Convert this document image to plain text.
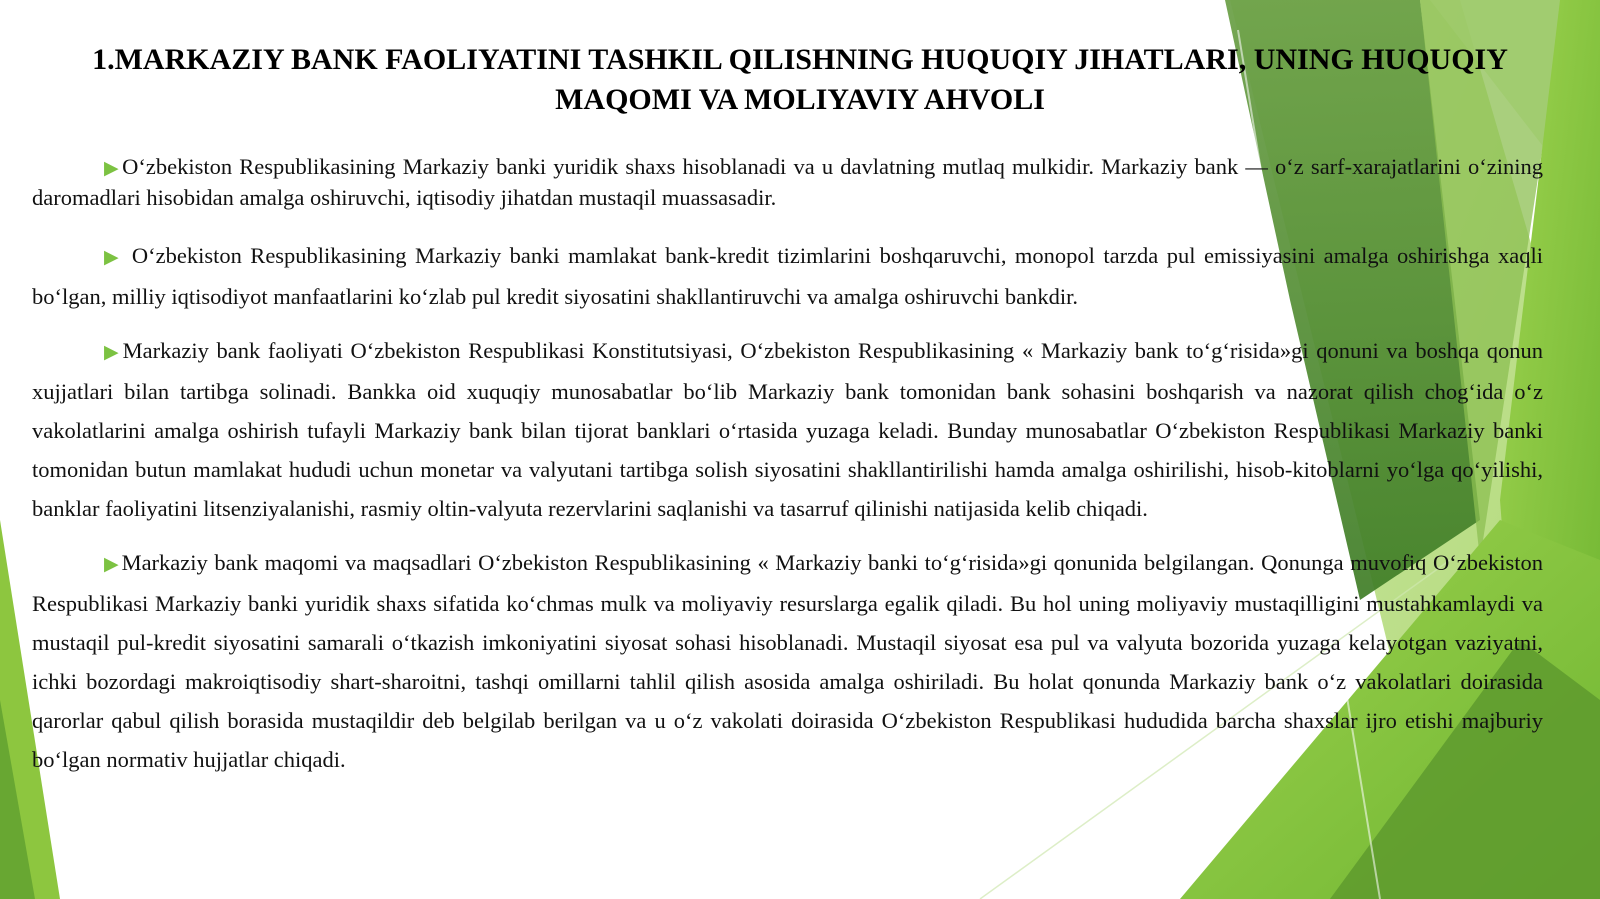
1.MARKAZIY BANK FAOLIYATINI TASHKIL QILISHNING HUQUQIY JIHATLARI, UNING HUQUQIY MAQOMI VA MOLIYAVIY AHVOLI

▶O‘zbekiston Respublikasining Markaziy banki yuridik shaxs hisoblanadi va u davlatning mutlaq mulkidir. Markaziy bank — o‘z sarf-xarajatlarini o‘zining daromadlari hisobidan amalga oshiruvchi, iqtisodiy jihatdan mustaqil muassasadir.

▶ O‘zbekiston Respublikasining Markaziy banki mamlakat bank-kredit tizimlarini boshqaruvchi, monopol tarzda pul emissiyasini amalga oshirishga xaqli bo‘lgan, milliy iqtisodiyot manfaatlarini ko‘zlab pul kredit siyosatini shakllantiruvchi va amalga oshiruvchi bankdir.

▶Markaziy bank faoliyati O‘zbekiston Respublikasi Konstitutsiyasi, O‘zbekiston Respublikasining « Markaziy bank to‘g‘risida»gi qonuni va boshqa qonun xujjatlari bilan tartibga solinadi. Bankka oid xuquqiy munosabatlar bo‘lib Markaziy bank tomonidan bank sohasini boshqarish va nazorat qilish chog‘ida o‘z vakolatlarini amalga oshirish tufayli Markaziy bank bilan tijorat banklari o‘rtasida yuzaga keladi. Bunday munosabatlar O‘zbekiston Respublikasi Markaziy banki tomonidan butun mamlakat hududi uchun monetar va valyutani tartibga solish siyosatini shakllantirilishi hamda amalga oshirilishi, hisob-kitoblarni yo‘lga qo‘yilishi, banklar faoliyatini litsenziyalanishi, rasmiy oltin-valyuta rezervlarini saqlanishi va tasarruf qilinishi natijasida kelib chiqadi.

▶Markaziy bank maqomi va maqsadlari O‘zbekiston Respublikasining « Markaziy banki to‘g‘risida»gi qonunida belgilangan. Qonunga muvofiq O‘zbekiston Respublikasi Markaziy banki yuridik shaxs sifatida ko‘chmas mulk va moliyaviy resurslarga egalik qiladi. Bu hol uning moliyaviy mustaqilligini mustahkamlaydi va mustaqil pul-kredit siyosatini samarali o‘tkazish imkoniyatini siyosat sohasi hisoblanadi. Mustaqil siyosat esa pul va valyuta bozorida yuzaga kelayotgan vaziyatni, ichki bozordagi makroiqtisodiy shart-sharoitni, tashqi omillarni tahlil qilish asosida amalga oshiriladi. Bu holat qonunda Markaziy bank o‘z vakolatlari doirasida qarorlar qabul qilish borasida mustaqildir deb belgilab berilgan va u o‘z vakolati doirasida O‘zbekiston Respublikasi hududida barcha shaxslar ijro etishi majburiy bo‘lgan normativ hujjatlar chiqadi.
